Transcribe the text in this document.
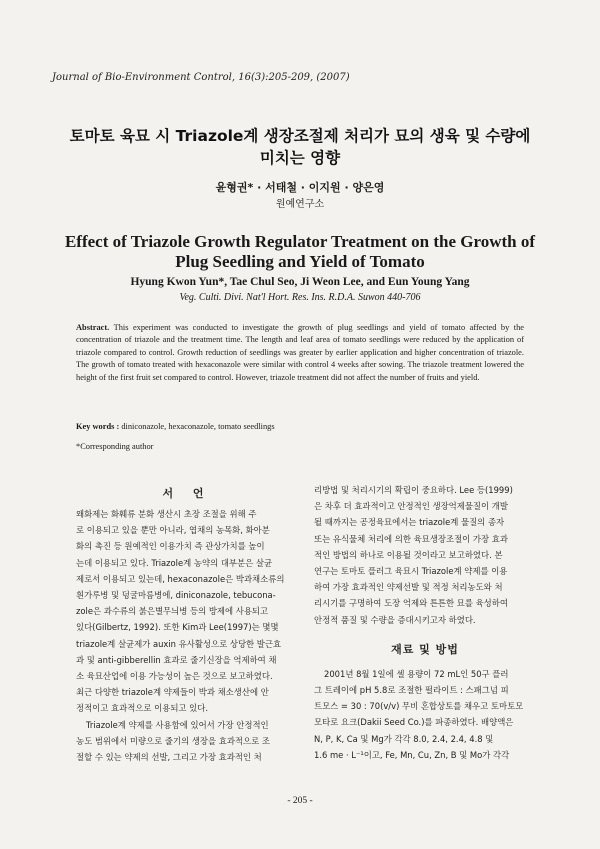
Journal of Bio-Environment Control, 16(3):205-209, (2007)
토마토 육묘 시 Triazole계 생장조절제 처리가 묘의 생육 및 수량에
미치는 영향
윤형권* · 서태철 · 이지원 · 양은영
원예연구소
Effect of Triazole Growth Regulator Treatment on the Growth of
Plug Seedling and Yield of Tomato
Hyung Kwon Yun*, Tae Chul Seo, Ji Weon Lee, and Eun Young Yang
Veg. Culti. Divi. Nat'l Hort. Res. Ins. R.D.A. Suwon 440-706
Abstract. This experiment was conducted to investigate the growth of plug seedlings and yield of tomato affected by the concentration of triazole and the treatment time. The length and leaf area of tomato seedlings were reduced by the application of triazole compared to control. Growth reduction of seedlings was greater by earlier application and higher concentration of triazole. The growth of tomato treated with hexaconazole were similar with control 4 weeks after sowing. The triazole treatment lowered the height of the first fruit set compared to control. However, triazole treatment did not affect the number of fruits and yield.
Key words : diniconazole, hexaconazole, tomato seedlings
*Corresponding author
서 언

왜화제는 화훼류 분화 생산시 초장 조절을 위해 주

로 이용되고 있을 뿐만 아니라, 엽채의 농목화, 화아분

화의 촉진 등 원예적인 이용가치 즉 관상가치를 높이

는데 이용되고 있다. Triazole계 농약의 대부분은 살균

제로서 이용되고 있는데, hexaconazole은 박과채소류의

흰가루병 및 덩굴마름병에, diniconazole, tebucona-

zole은 과수류의 붉은별무늬병 등의 방제에 사용되고

있다(Gilbertz, 1992). 또한 Kim과 Lee(1997)는 몇몇

triazole계 살균제가 auxin 유사활성으로 상당한 발근효

과 및 anti-gibberellin 효과로 줄기신장을 억제하여 채

소 육묘산업에 이용 가능성이 높은 것으로 보고하였다.

최근 다양한 triazole계 약제들이 박과 채소생산에 안

정적이고 효과적으로 이용되고 있다.

Triazole계 약제를 사용함에 있어서 가장 안정적인

농도 범위에서 미량으로 줄기의 생장을 효과적으로 조

절할 수 있는 약제의 선발, 그리고 가장 효과적인 처

리방법 및 처리시기의 확립이 중요하다. Lee 등(1999)

은 차후 더 효과적이고 안정적인 생장억제물질이 개발

될 때까지는 공정육묘에서는 triazole계 물질의 종자

또는 유식물체 처리에 의한 육묘생장조절이 가장 효과

적인 방법의 하나로 이용될 것이라고 보고하였다. 본

연구는 토마토 플러그 육묘시 Triazole계 약제를 이용

하여 가장 효과적인 약제선발 및 적정 처리농도와 처

리시기를 구명하여 도장 억제와 튼튼한 묘를 육성하여

안정적 품질 및 수량을 증대시키고자 하였다.

재료 및 방법

2001년 8월 1일에 셀 용량이 72 mL인 50구 플러

그 트레이에 pH 5.8로 조절한 펄라이트 : 스패그넘 피

트모스 = 30 : 70(v/v) 무비 혼합상토를 채우고 토마토모

모타로 요크(Dakii Seed Co.)를 파종하였다. 배양액은

N, P, K, Ca 및 Mg가 각각 8.0, 2.4, 2.4, 4.8 및

1.6 me · L⁻¹이고, Fe, Mn, Cu, Zn, B 및 Mo가 각각

- 205 -
